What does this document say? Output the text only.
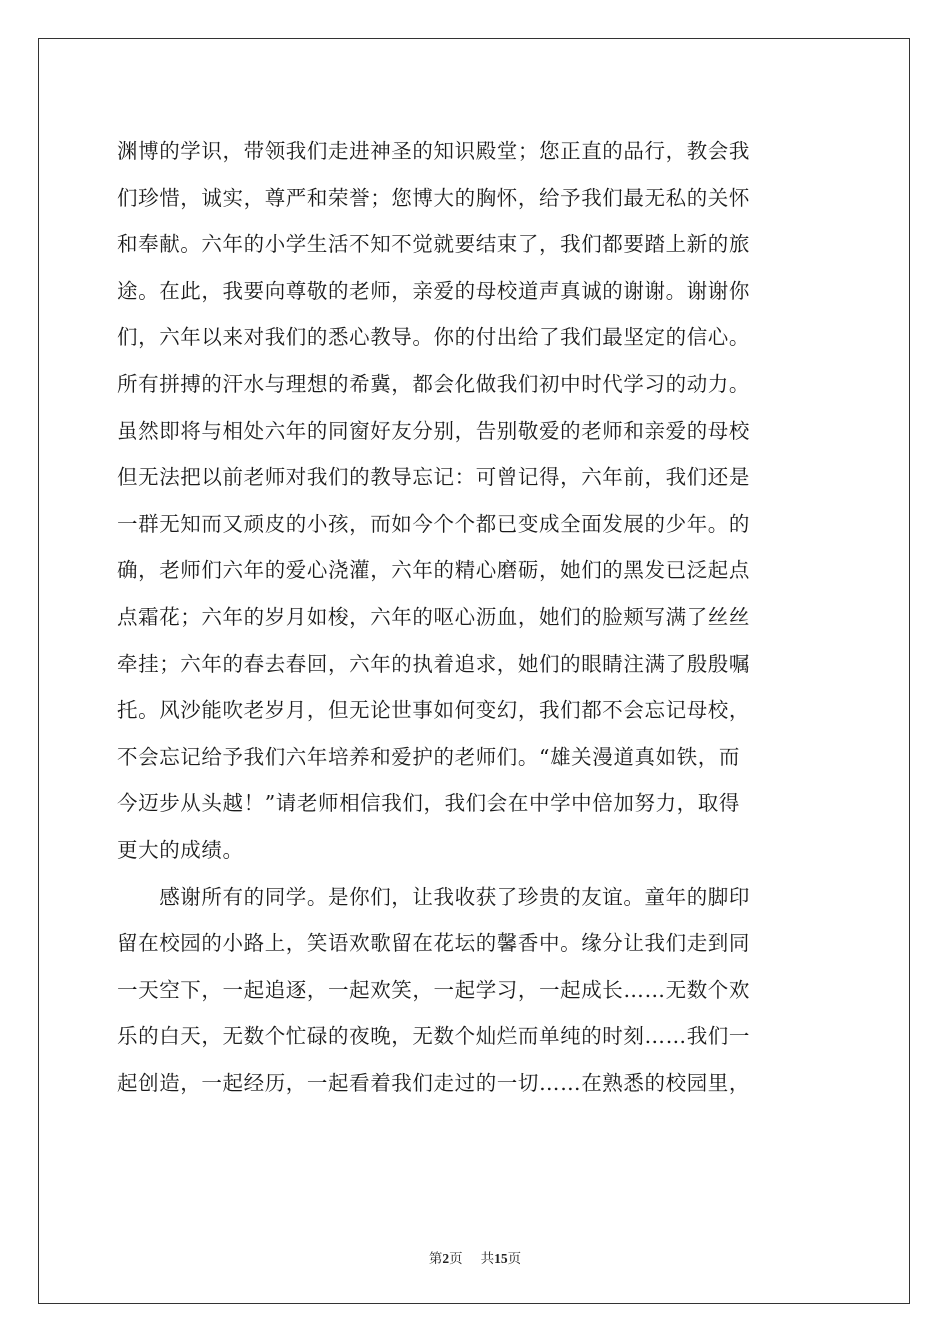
渊博的学识，带领我们走进神圣的知识殿堂；您正直的品行，教会我
们珍惜，诚实，尊严和荣誉；您博大的胸怀，给予我们最无私的关怀
和奉献。六年的小学生活不知不觉就要结束了，我们都要踏上新的旅
途。在此，我要向尊敬的老师，亲爱的母校道声真诚的谢谢。谢谢你
们，六年以来对我们的悉心教导。你的付出给了我们最坚定的信心。
所有拼搏的汗水与理想的希冀，都会化做我们初中时代学习的动力。
虽然即将与相处六年的同窗好友分别，告别敬爱的老师和亲爱的母校
但无法把以前老师对我们的教导忘记：可曾记得，六年前，我们还是
一群无知而又顽皮的小孩，而如今个个都已变成全面发展的少年。的
确，老师们六年的爱心浇灌，六年的精心磨砺，她们的黑发已泛起点
点霜花；六年的岁月如梭，六年的呕心沥血，她们的脸颊写满了丝丝
牵挂；六年的春去春回，六年的执着追求，她们的眼睛注满了殷殷嘱
托。风沙能吹老岁月，但无论世事如何变幻，我们都不会忘记母校，
不会忘记给予我们六年培养和爱护的老师们。“雄关漫道真如铁，而
今迈步从头越！”请老师相信我们，我们会在中学中倍加努力，取得
更大的成绩。
　　感谢所有的同学。是你们，让我收获了珍贵的友谊。童年的脚印
留在校园的小路上，笑语欢歌留在花坛的馨香中。缘分让我们走到同
一天空下，一起追逐，一起欢笑，一起学习，一起成长……无数个欢
乐的白天，无数个忙碌的夜晚，无数个灿烂而单纯的时刻……我们一
起创造，一起经历，一起看着我们走过的一切……在熟悉的校园里，
第2页 共15页
